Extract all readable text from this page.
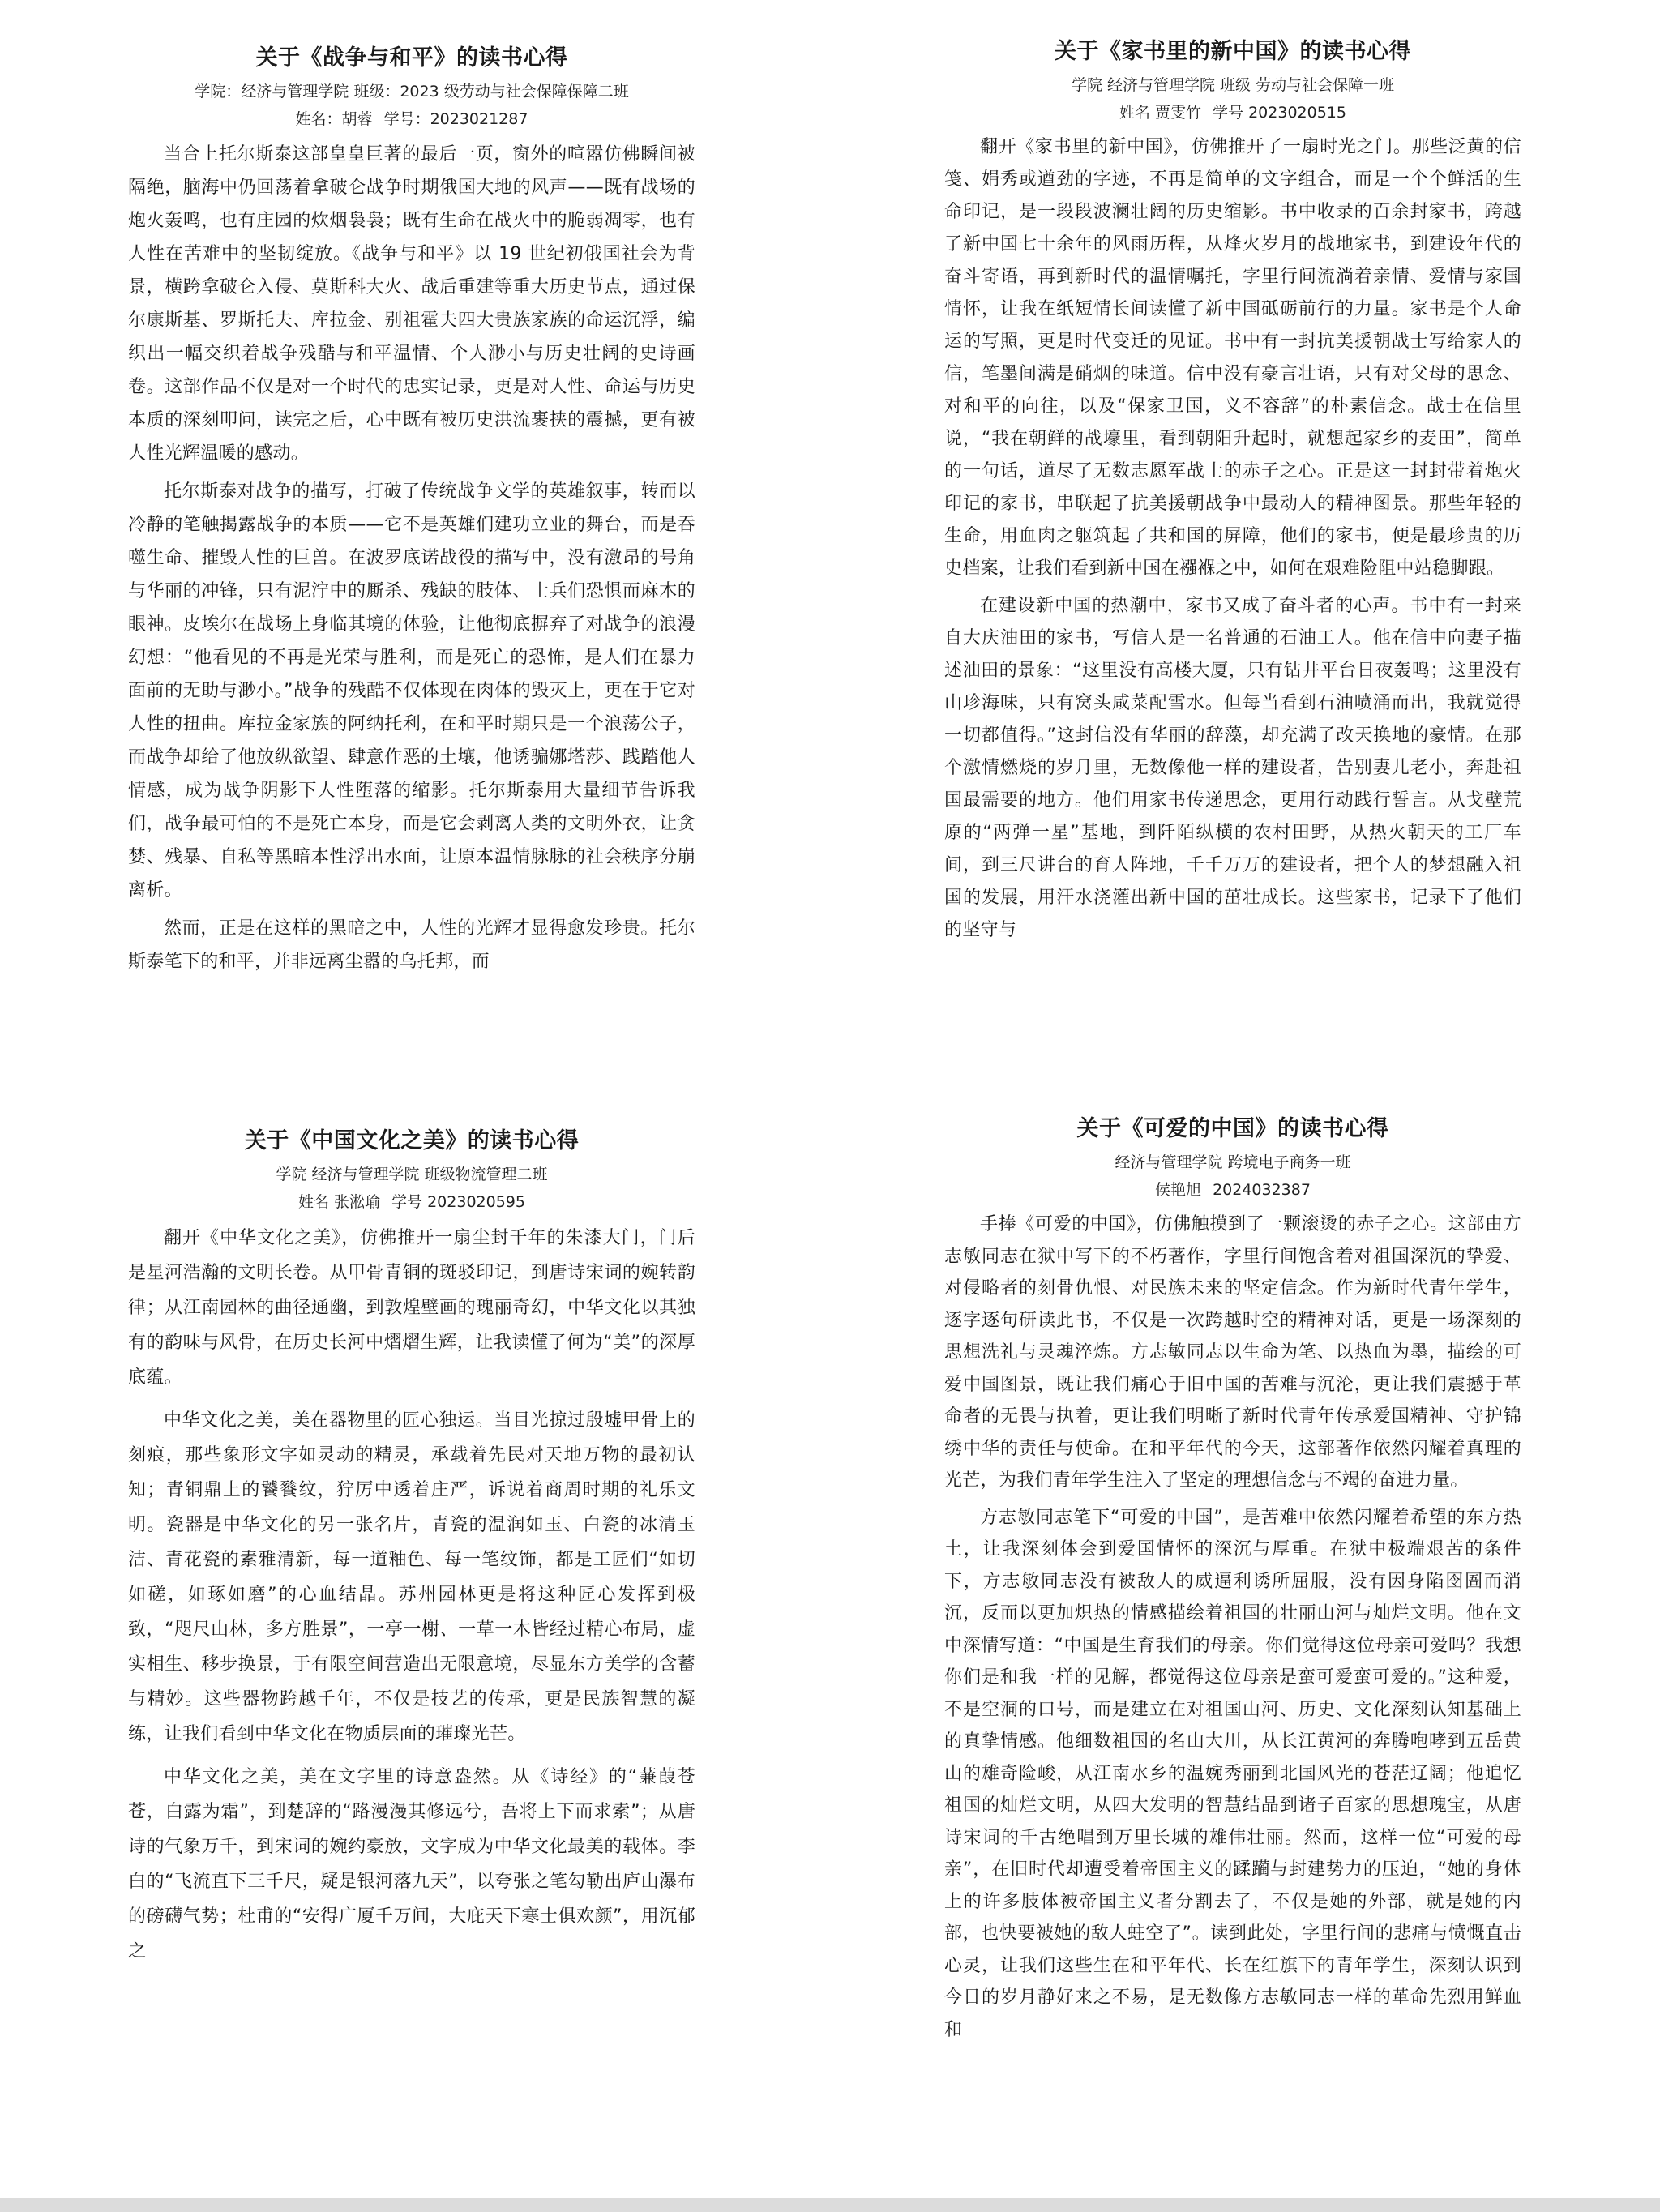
关于《战争与和平》的读书心得

学院：经济与管理学院 班级：2023 级劳动与社会保障保障二班

姓名：胡蓉 学号：2023021287

当合上托尔斯泰这部皇皇巨著的最后一页，窗外的喧嚣仿佛瞬间被隔绝，脑海中仍回荡着拿破仑战争时期俄国大地的风声——既有战场的炮火轰鸣，也有庄园的炊烟袅袅；既有生命在战火中的脆弱凋零，也有人性在苦难中的坚韧绽放。《战争与和平》以 19 世纪初俄国社会为背景，横跨拿破仑入侵、莫斯科大火、战后重建等重大历史节点，通过保尔康斯基、罗斯托夫、库拉金、别祖霍夫四大贵族家族的命运沉浮，编织出一幅交织着战争残酷与和平温情、个人渺小与历史壮阔的史诗画卷。这部作品不仅是对一个时代的忠实记录，更是对人性、命运与历史本质的深刻叩问，读完之后，心中既有被历史洪流裹挟的震撼，更有被人性光辉温暖的感动。

托尔斯泰对战争的描写，打破了传统战争文学的英雄叙事，转而以冷静的笔触揭露战争的本质——它不是英雄们建功立业的舞台，而是吞噬生命、摧毁人性的巨兽。在波罗底诺战役的描写中，没有激昂的号角与华丽的冲锋，只有泥泞中的厮杀、残缺的肢体、士兵们恐惧而麻木的眼神。皮埃尔在战场上身临其境的体验，让他彻底摒弃了对战争的浪漫幻想：“他看见的不再是光荣与胜利，而是死亡的恐怖，是人们在暴力面前的无助与渺小。”战争的残酷不仅体现在肉体的毁灭上，更在于它对人性的扭曲。库拉金家族的阿纳托利，在和平时期只是一个浪荡公子，而战争却给了他放纵欲望、肆意作恶的土壤，他诱骗娜塔莎、践踏他人情感，成为战争阴影下人性堕落的缩影。托尔斯泰用大量细节告诉我们，战争最可怕的不是死亡本身，而是它会剥离人类的文明外衣，让贪婪、残暴、自私等黑暗本性浮出水面，让原本温情脉脉的社会秩序分崩离析。

然而，正是在这样的黑暗之中，人性的光辉才显得愈发珍贵。托尔斯泰笔下的和平，并非远离尘嚣的乌托邦，而

关于《家书里的新中国》的读书心得

学院 经济与管理学院 班级 劳动与社会保障一班

姓名 贾雯竹 学号 2023020515

翻开《家书里的新中国》，仿佛推开了一扇时光之门。那些泛黄的信笺、娟秀或遒劲的字迹，不再是简单的文字组合，而是一个个鲜活的生命印记，是一段段波澜壮阔的历史缩影。书中收录的百余封家书，跨越了新中国七十余年的风雨历程，从烽火岁月的战地家书，到建设年代的奋斗寄语，再到新时代的温情嘱托，字里行间流淌着亲情、爱情与家国情怀，让我在纸短情长间读懂了新中国砥砺前行的力量。家书是个人命运的写照，更是时代变迁的见证。书中有一封抗美援朝战士写给家人的信，笔墨间满是硝烟的味道。信中没有豪言壮语，只有对父母的思念、对和平的向往，以及“保家卫国，义不容辞”的朴素信念。战士在信里说，“我在朝鲜的战壕里，看到朝阳升起时，就想起家乡的麦田”，简单的一句话，道尽了无数志愿军战士的赤子之心。正是这一封封带着炮火印记的家书，串联起了抗美援朝战争中最动人的精神图景。那些年轻的生命，用血肉之躯筑起了共和国的屏障，他们的家书，便是最珍贵的历史档案，让我们看到新中国在襁褓之中，如何在艰难险阻中站稳脚跟。

在建设新中国的热潮中，家书又成了奋斗者的心声。书中有一封来自大庆油田的家书，写信人是一名普通的石油工人。他在信中向妻子描述油田的景象：“这里没有高楼大厦，只有钻井平台日夜轰鸣；这里没有山珍海味，只有窝头咸菜配雪水。但每当看到石油喷涌而出，我就觉得一切都值得。”这封信没有华丽的辞藻，却充满了改天换地的豪情。在那个激情燃烧的岁月里，无数像他一样的建设者，告别妻儿老小，奔赴祖国最需要的地方。他们用家书传递思念，更用行动践行誓言。从戈壁荒原的“两弹一星”基地，到阡陌纵横的农村田野，从热火朝天的工厂车间，到三尺讲台的育人阵地，千千万万的建设者，把个人的梦想融入祖国的发展，用汗水浇灌出新中国的茁壮成长。这些家书，记录下了他们的坚守与

关于《中国文化之美》的读书心得

学院 经济与管理学院 班级物流管理二班

姓名 张淞瑜 学号 2023020595

翻开《中华文化之美》，仿佛推开一扇尘封千年的朱漆大门，门后是星河浩瀚的文明长卷。从甲骨青铜的斑驳印记，到唐诗宋词的婉转韵律；从江南园林的曲径通幽，到敦煌壁画的瑰丽奇幻，中华文化以其独有的韵味与风骨，在历史长河中熠熠生辉，让我读懂了何为“美”的深厚底蕴。

中华文化之美，美在器物里的匠心独运。当目光掠过殷墟甲骨上的刻痕，那些象形文字如灵动的精灵，承载着先民对天地万物的最初认知；青铜鼎上的饕餮纹，狞厉中透着庄严，诉说着商周时期的礼乐文明。瓷器是中华文化的另一张名片，青瓷的温润如玉、白瓷的冰清玉洁、青花瓷的素雅清新，每一道釉色、每一笔纹饰，都是工匠们“如切如磋，如琢如磨”的心血结晶。苏州园林更是将这种匠心发挥到极致，“咫尺山林，多方胜景”，一亭一榭、一草一木皆经过精心布局，虚实相生、移步换景，于有限空间营造出无限意境，尽显东方美学的含蓄与精妙。这些器物跨越千年，不仅是技艺的传承，更是民族智慧的凝练，让我们看到中华文化在物质层面的璀璨光芒。

中华文化之美，美在文字里的诗意盎然。从《诗经》的“蒹葭苍苍，白露为霜”，到楚辞的“路漫漫其修远兮，吾将上下而求索”；从唐诗的气象万千，到宋词的婉约豪放，文字成为中华文化最美的载体。李白的“飞流直下三千尺，疑是银河落九天”，以夸张之笔勾勒出庐山瀑布的磅礴气势；杜甫的“安得广厦千万间，大庇天下寒士俱欢颜”，用沉郁之

关于《可爱的中国》的读书心得

经济与管理学院 跨境电子商务一班

侯艳旭 2024032387

手捧《可爱的中国》，仿佛触摸到了一颗滚烫的赤子之心。这部由方志敏同志在狱中写下的不朽著作，字里行间饱含着对祖国深沉的挚爱、对侵略者的刻骨仇恨、对民族未来的坚定信念。作为新时代青年学生，逐字逐句研读此书，不仅是一次跨越时空的精神对话，更是一场深刻的思想洗礼与灵魂淬炼。方志敏同志以生命为笔、以热血为墨，描绘的可爱中国图景，既让我们痛心于旧中国的苦难与沉沦，更让我们震撼于革命者的无畏与执着，更让我们明晰了新时代青年传承爱国精神、守护锦绣中华的责任与使命。在和平年代的今天，这部著作依然闪耀着真理的光芒，为我们青年学生注入了坚定的理想信念与不竭的奋进力量。

方志敏同志笔下“可爱的中国”，是苦难中依然闪耀着希望的东方热土，让我深刻体会到爱国情怀的深沉与厚重。在狱中极端艰苦的条件下，方志敏同志没有被敌人的威逼利诱所屈服，没有因身陷囹圄而消沉，反而以更加炽热的情感描绘着祖国的壮丽山河与灿烂文明。他在文中深情写道：“中国是生育我们的母亲。你们觉得这位母亲可爱吗？我想你们是和我一样的见解，都觉得这位母亲是蛮可爱蛮可爱的。”这种爱，不是空洞的口号，而是建立在对祖国山河、历史、文化深刻认知基础上的真挚情感。他细数祖国的名山大川，从长江黄河的奔腾咆哮到五岳黄山的雄奇险峻，从江南水乡的温婉秀丽到北国风光的苍茫辽阔；他追忆祖国的灿烂文明，从四大发明的智慧结晶到诸子百家的思想瑰宝，从唐诗宋词的千古绝唱到万里长城的雄伟壮丽。然而，这样一位“可爱的母亲”，在旧时代却遭受着帝国主义的蹂躏与封建势力的压迫，“她的身体上的许多肢体被帝国主义者分割去了，不仅是她的外部，就是她的内部，也快要被她的敌人蛀空了”。读到此处，字里行间的悲痛与愤慨直击心灵，让我们这些生在和平年代、长在红旗下的青年学生，深刻认识到今日的岁月静好来之不易，是无数像方志敏同志一样的革命先烈用鲜血和
